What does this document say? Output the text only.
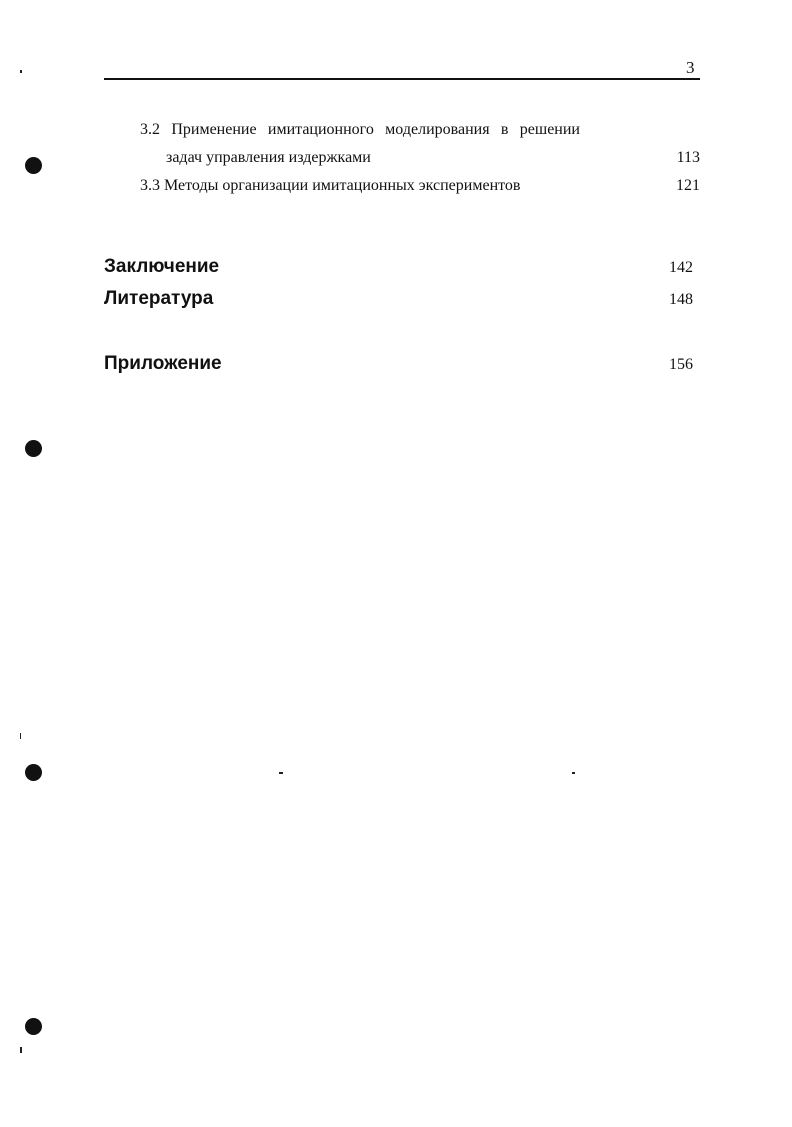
3
3.2 Применение имитационного моделирования в решении
задач управления издержками	113
3.3 Методы организации имитационных экспериментов	121
Заключение	142
Литература	148
Приложение	156
